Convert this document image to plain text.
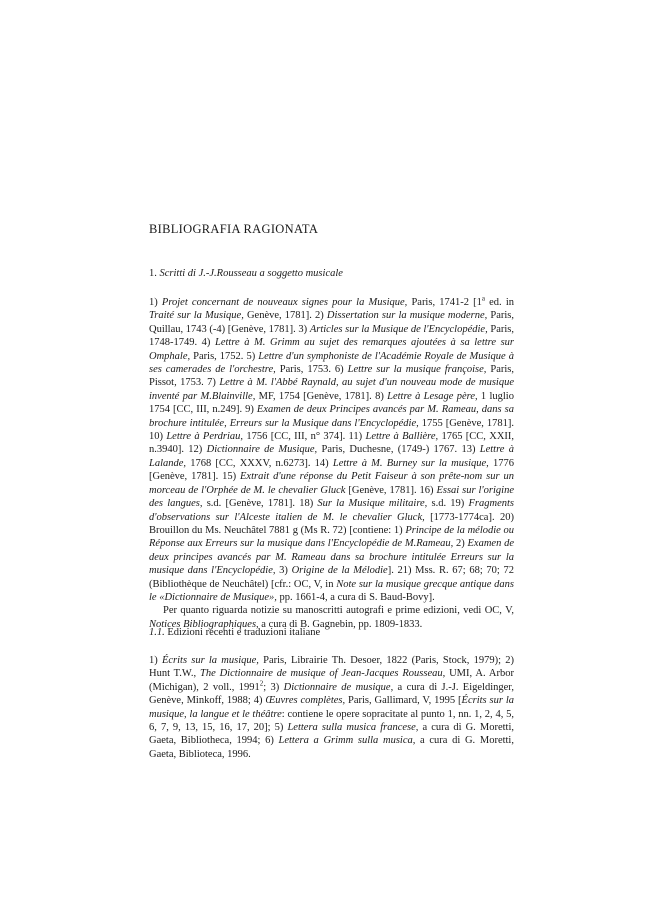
BIBLIOGRAFIA RAGIONATA
1. Scritti di J.-J.Rousseau a soggetto musicale
1) Projet concernant de nouveaux signes pour la Musique, Paris, 1741-2 [1$^a$ ed. in Traité sur la Musique, Genève, 1781]. 2) Dissertation sur la musique moderne, Paris, Quillau, 1743 (-4) [Genève, 1781]. 3) Articles sur la Musique de l'Encyclopédie, Paris, 1748-1749. 4) Lettre à M. Grimm au sujet des remarques ajoutées à sa lettre sur Omphale, Paris, 1752. 5) Lettre d'un symphoniste de l'Académie Royale de Musique à ses camerades de l'orchestre, Paris, 1753. 6) Lettre sur la musique françoise, Paris, Pissot, 1753. 7) Lettre à M. l'Abbé Raynald, au sujet d'un nouveau mode de musique inventé par M.Blainville, MF, 1754 [Genève, 1781]. 8) Lettre à Lesage père, 1 luglio 1754 [CC, III, n.249]. 9) Examen de deux Principes avancés par M. Rameau, dans sa brochure intitulée, Erreurs sur la Musique dans l'Encyclopédie, 1755 [Genève, 1781]. 10) Lettre à Perdriau, 1756 [CC, III, n° 374]. 11) Lettre à Ballière, 1765 [CC, XXII, n.3940]. 12) Dictionnaire de Musique, Paris, Duchesne, (1749-) 1767. 13) Lettre à Lalande, 1768 [CC, XXXV, n.6273]. 14) Lettre à M. Burney sur la musique, 1776 [Genève, 1781]. 15) Extrait d'une réponse du Petit Faiseur à son prête-nom sur un morceau de l'Orphée de M. le chevalier Gluck [Genève, 1781]. 16) Essai sur l'origine des langues, s.d. [Genève, 1781]. 18) Sur la Musique militaire, s.d. 19) Fragments d'observations sur l'Alceste italien de M. le chevalier Gluck, [1773-1774ca]. 20) Brouillon du Ms. Neuchâtel 7881 g (Ms R. 72) [contiene: 1) Principe de la mélodie ou Réponse aux Erreurs sur la musique dans l'Encyclopédie de M.Rameau, 2) Examen de deux principes avancés par M. Rameau dans sa brochure intitulée Erreurs sur la musique dans l'Encyclopédie, 3) Origine de la Mélodie]. 21) Mss. R. 67; 68; 70; 72 (Bibliothèque de Neuchâtel) [cfr.: OC, V, in Note sur la musique grecque antique dans le «Dictionnaire de Musique», pp. 1661-4, a cura di S. Baud-Bovy].
Per quanto riguarda notizie su manoscritti autografi e prime edizioni, vedi OC, V, Notices Bibliographiques, a cura di B. Gagnebin, pp. 1809-1833.
1.1. Edizioni recenti e traduzioni italiane
1) Écrits sur la musique, Paris, Librairie Th. Desoer, 1822 (Paris, Stock, 1979); 2) Hunt T.W., The Dictionnaire de musique of Jean-Jacques Rousseau, UMI, A. Arbor (Michigan), 2 voll., 1991$^2$; 3) Dictionnaire de musique, a cura di J.-J. Eigeldinger, Genève, Minkoff, 1988; 4) Œuvres complètes, Paris, Gallimard, V, 1995 [Écrits sur la musique, la langue et le théâtre: contiene le opere sopracitate al punto 1, nn. 1, 2, 4, 5, 6, 7, 9, 13, 15, 16, 17, 20]; 5) Lettera sulla musica francese, a cura di G. Moretti, Gaeta, Bibliotheca, 1994; 6) Lettera a Grimm sulla musica, a cura di G. Moretti, Gaeta, Biblioteca, 1996.
